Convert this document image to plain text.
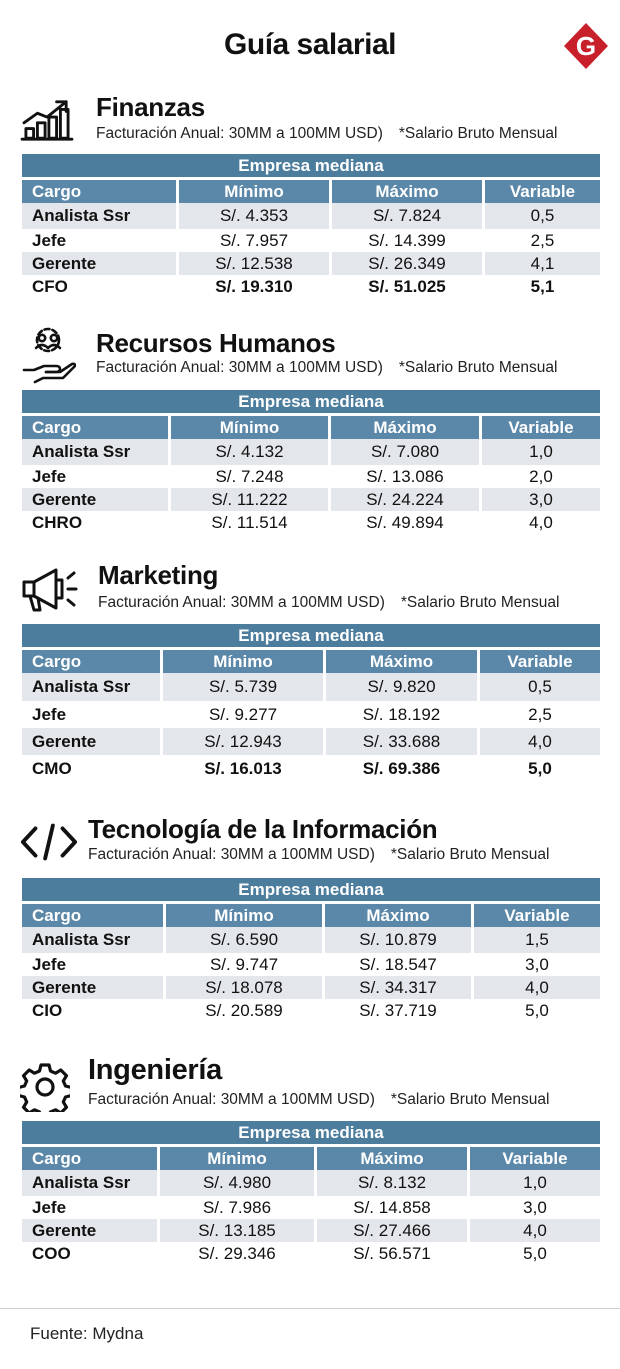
Guía salarial	G
Finanzas
Facturación Anual: 30MM a 100MM USD) *Salario Bruto Mensual
Empresa mediana			
Cargo	Mínimo	Máximo	Variable
Analista Ssr	S/. 4.353	S/. 7.824	0,5
Jefe	S/. 7.957	S/. 14.399	2,5
Gerente	S/. 12.538	S/. 26.349	4,1
CFO	S/. 19.310	S/. 51.025	5,1
Recursos Humanos
Facturación Anual: 30MM a 100MM USD) *Salario Bruto Mensual
Empresa mediana			
Cargo	Mínimo	Máximo	Variable
Analista Ssr	S/. 4.132	S/. 7.080	1,0
Jefe	S/. 7.248	S/. 13.086	2,0
Gerente	S/. 11.222	S/. 24.224	3,0
CHRO	S/. 11.514	S/. 49.894	4,0
Marketing
Facturación Anual: 30MM a 100MM USD) *Salario Bruto Mensual
Empresa mediana			
Cargo	Mínimo	Máximo	Variable
Analista Ssr	S/. 5.739	S/. 9.820	0,5
Jefe	S/. 9.277	S/. 18.192	2,5
Gerente	S/. 12.943	S/. 33.688	4,0
CMO	S/. 16.013	S/. 69.386	5,0
Tecnología de la Información
Facturación Anual: 30MM a 100MM USD) *Salario Bruto Mensual
Empresa mediana			
Cargo	Mínimo	Máximo	Variable
Analista Ssr	S/. 6.590	S/. 10.879	1,5
Jefe	S/. 9.747	S/. 18.547	3,0
Gerente	S/. 18.078	S/. 34.317	4,0
CIO	S/. 20.589	S/. 37.719	5,0
Ingeniería
Facturación Anual: 30MM a 100MM USD) *Salario Bruto Mensual
Empresa mediana			
Cargo	Mínimo	Máximo	Variable
Analista Ssr	S/. 4.980	S/. 8.132	1,0
Jefe	S/. 7.986	S/. 14.858	3,0
Gerente	S/. 13.185	S/. 27.466	4,0
COO	S/. 29.346	S/. 56.571	5,0
Fuente: Mydna
